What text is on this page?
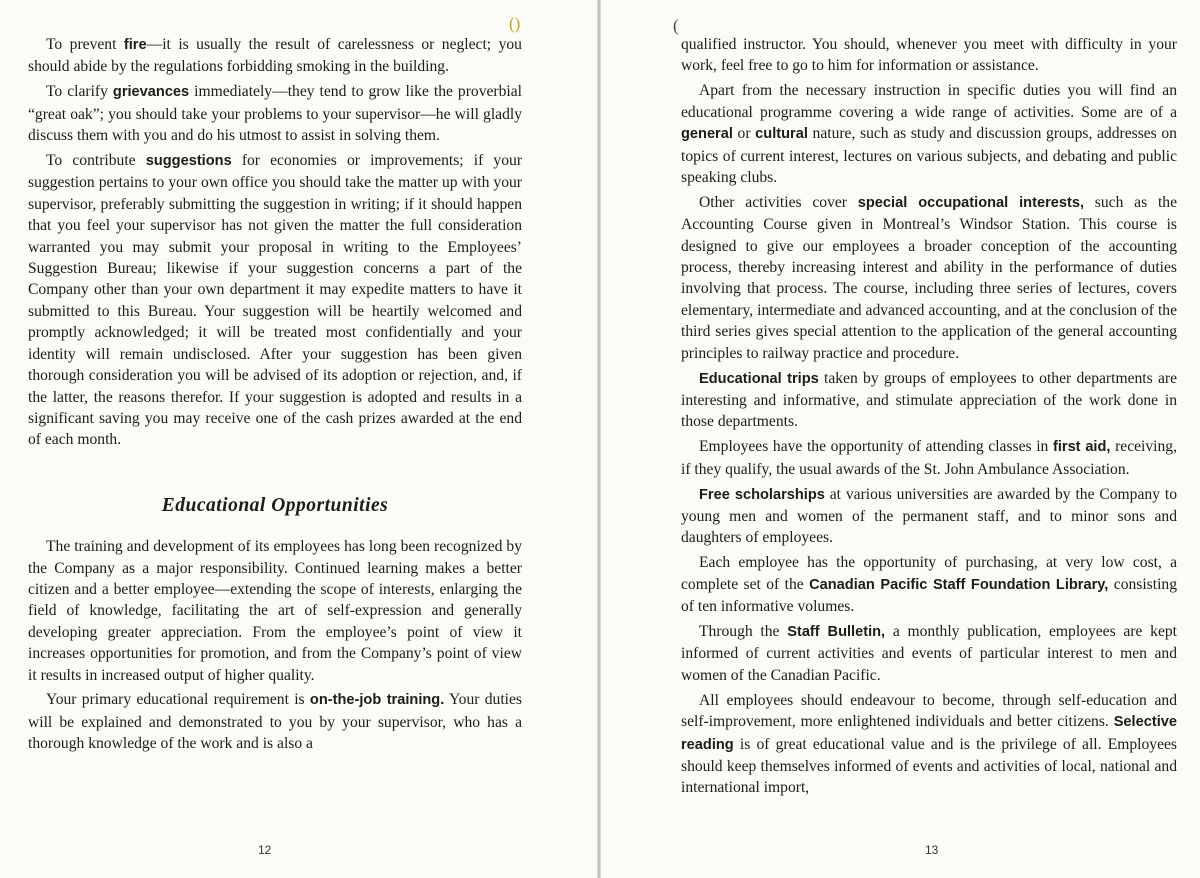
()

To prevent fire—it is usually the result of carelessness or neglect; you should abide by the regulations forbidding smoking in the building.

To clarify grievances immediately—they tend to grow like the proverbial “great oak”; you should take your problems to your supervisor—he will gladly discuss them with you and do his utmost to assist in solving them.

To contribute suggestions for economies or improvements; if your suggestion pertains to your own office you should take the matter up with your supervisor, preferably submitting the suggestion in writing; if it should happen that you feel your supervisor has not given the matter the full consideration warranted you may submit your proposal in writing to the Employees’ Suggestion Bureau; likewise if your suggestion concerns a part of the Company other than your own department it may expedite matters to have it submitted to this Bureau. Your suggestion will be heartily welcomed and promptly acknowledged; it will be treated most confidentially and your identity will remain undisclosed. After your suggestion has been given thorough consideration you will be advised of its adoption or rejection, and, if the latter, the reasons therefor. If your suggestion is adopted and results in a significant saving you may receive one of the cash prizes awarded at the end of each month.

Educational Opportunities

The training and development of its employees has long been recognized by the Company as a major responsibility. Continued learning makes a better citizen and a better employee—extending the scope of interests, enlarging the field of knowledge, facilitating the art of self-expression and generally developing greater appreciation. From the employee’s point of view it increases opportunities for promotion, and from the Company’s point of view it results in increased output of higher quality.

Your primary educational requirement is on-the-job training. Your duties will be explained and demonstrated to you by your supervisor, who has a thorough knowledge of the work and is also a

12
(

qualified instructor. You should, whenever you meet with difficulty in your work, feel free to go to him for information or assistance.

Apart from the necessary instruction in specific duties you will find an educational programme covering a wide range of activities. Some are of a general or cultural nature, such as study and discussion groups, addresses on topics of current interest, lectures on various subjects, and debating and public speaking clubs.

Other activities cover special occupational interests, such as the Accounting Course given in Montreal’s Windsor Station. This course is designed to give our employees a broader conception of the accounting process, thereby increasing interest and ability in the performance of duties involving that process. The course, including three series of lectures, covers elementary, intermediate and advanced accounting, and at the conclusion of the third series gives special attention to the application of the general accounting principles to railway practice and procedure.

Educational trips taken by groups of employees to other departments are interesting and informative, and stimulate appreciation of the work done in those departments.

Employees have the opportunity of attending classes in first aid, receiving, if they qualify, the usual awards of the St. John Ambulance Association.

Free scholarships at various universities are awarded by the Company to young men and women of the permanent staff, and to minor sons and daughters of employees.

Each employee has the opportunity of purchasing, at very low cost, a complete set of the Canadian Pacific Staff Foundation Library, consisting of ten informative volumes.

Through the Staff Bulletin, a monthly publication, employees are kept informed of current activities and events of particular interest to men and women of the Canadian Pacific.

All employees should endeavour to become, through self-education and self-improvement, more enlightened individuals and better citizens. Selective reading is of great educational value and is the privilege of all. Employees should keep themselves informed of events and activities of local, national and international import,

13
